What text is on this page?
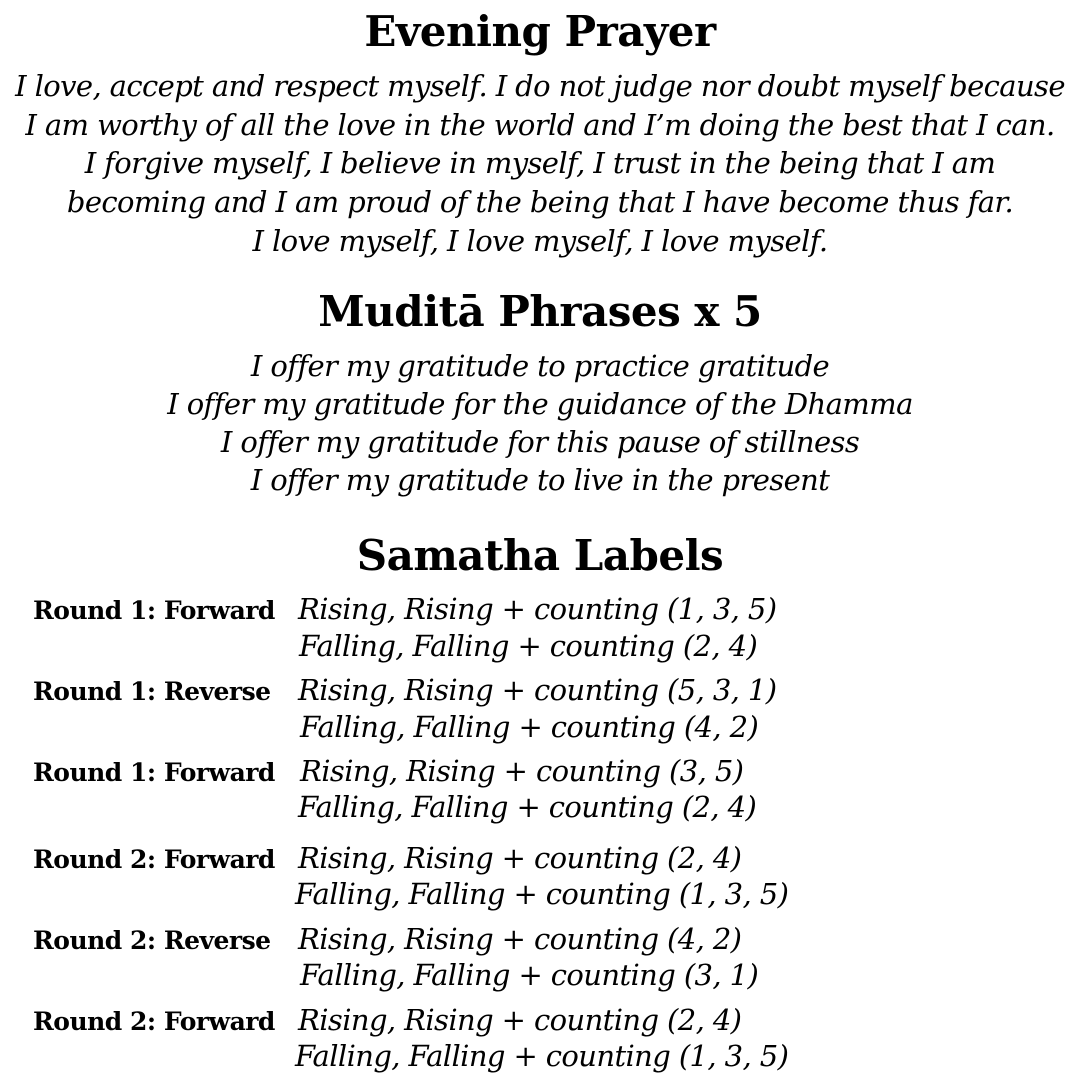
Evening Prayer
I love, accept and respect myself. I do not judge nor doubt myself because
I am worthy of all the love in the world and I’m doing the best that I can.
I forgive myself, I believe in myself, I trust in the being that I am
becoming and I am proud of the being that I have become thus far.
I love myself, I love myself, I love myself.
Muditā Phrases x 5
I offer my gratitude to practice gratitude
I offer my gratitude for the guidance of the Dhamma
I offer my gratitude for this pause of stillness
I offer my gratitude to live in the present
Samatha Labels
Round 1: Forward Rising, Rising + counting (1, 3, 5)
Falling, Falling + counting (2, 4)
Round 1: Reverse Rising, Rising + counting (5, 3, 1)
Falling, Falling + counting (4, 2)
Round 1: Forward Rising, Rising + counting (3, 5)
Falling, Falling + counting (2, 4)
Round 2: Forward Rising, Rising + counting (2, 4)
Falling, Falling + counting (1, 3, 5)
Round 2: Reverse Rising, Rising + counting (4, 2)
Falling, Falling + counting (3, 1)
Round 2: Forward Rising, Rising + counting (2, 4)
Falling, Falling + counting (1, 3, 5)
